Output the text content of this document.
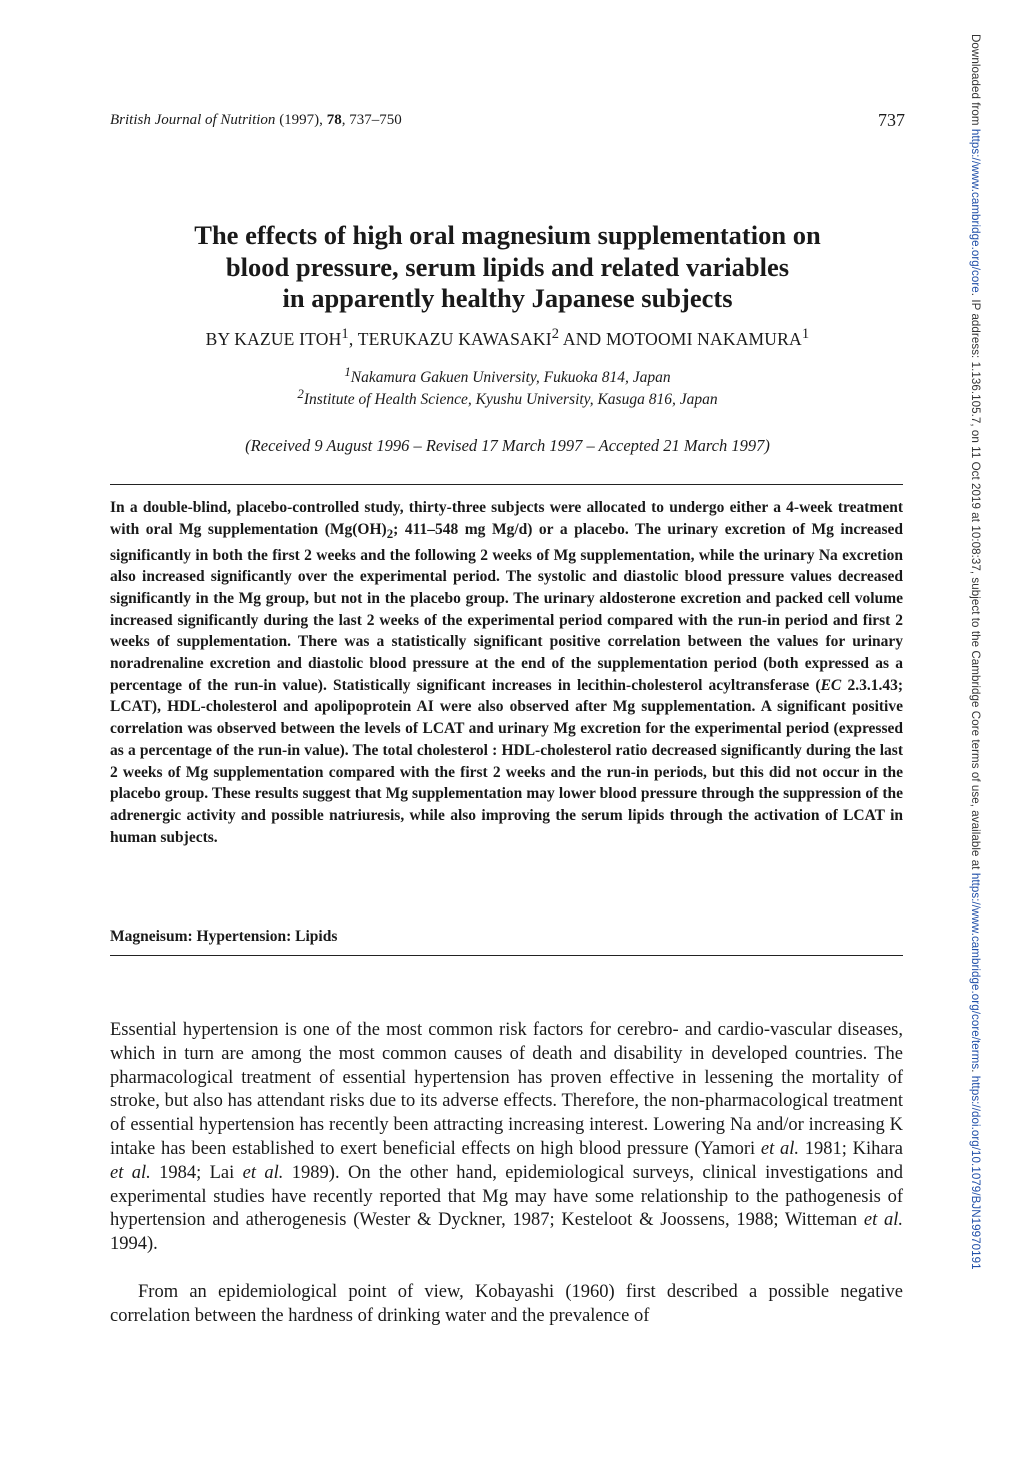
British Journal of Nutrition (1997), 78, 737–750	737
The effects of high oral magnesium supplementation on
blood pressure, serum lipids and related variables
in apparently healthy Japanese subjects
BY KAZUE ITOH$^1$, TERUKAZU KAWASAKI$^2$ AND MOTOOMI NAKAMURA$^1$
$^1$Nakamura Gakuen University, Fukuoka 814, Japan
$^2$Institute of Health Science, Kyushu University, Kasuga 816, Japan
(Received 9 August 1996 – Revised 17 March 1997 – Accepted 21 March 1997)

In a double-blind, placebo-controlled study, thirty-three subjects were allocated to undergo either a 4-week treatment with oral Mg supplementation ($Mg(OH)_2$; 411–548 mg Mg/d) or a placebo. The urinary excretion of Mg increased significantly in both the first 2 weeks and the following 2 weeks of Mg supplementation, while the urinary Na excretion also increased significantly over the experimental period. The systolic and diastolic blood pressure values decreased significantly in the Mg group, but not in the placebo group. The urinary aldosterone excretion and packed cell volume increased significantly during the last 2 weeks of the experimental period compared with the run-in period and first 2 weeks of supplementation. There was a statistically significant positive correlation between the values for urinary noradrenaline excretion and diastolic blood pressure at the end of the supplementation period (both expressed as a percentage of the run-in value). Statistically significant increases in lecithin-cholesterol acyltransferase (EC 2.3.1.43; LCAT), HDL-cholesterol and apolipoprotein AI were also observed after Mg supplementation. A significant positive correlation was observed between the levels of LCAT and urinary Mg excretion for the experimental period (expressed as a percentage of the run-in value). The total cholesterol : HDL-cholesterol ratio decreased significantly during the last 2 weeks of Mg supplementation compared with the first 2 weeks and the run-in periods, but this did not occur in the placebo group. These results suggest that Mg supplementation may lower blood pressure through the suppression of the adrenergic activity and possible natriuresis, while also improving the serum lipids through the activation of LCAT in human subjects.

Magneisum: Hypertension: Lipids

Essential hypertension is one of the most common risk factors for cerebro- and cardio-vascular diseases, which in turn are among the most common causes of death and disability in developed countries. The pharmacological treatment of essential hypertension has proven effective in lessening the mortality of stroke, but also has attendant risks due to its adverse effects. Therefore, the non-pharmacological treatment of essential hypertension has recently been attracting increasing interest. Lowering Na and/or increasing K intake has been established to exert beneficial effects on high blood pressure (Yamori et al. 1981; Kihara et al. 1984; Lai et al. 1989). On the other hand, epidemiological surveys, clinical investigations and experimental studies have recently reported that Mg may have some relationship to the pathogenesis of hypertension and atherogenesis (Wester & Dyckner, 1987; Kesteloot & Joossens, 1988; Witteman et al. 1994).

From an epidemiological point of view, Kobayashi (1960) first described a possible negative correlation between the hardness of drinking water and the prevalence of

Downloaded from https://www.cambridge.org/core. IP address: 1.136.105.7, on 11 Oct 2019 at 10:08:37, subject to the Cambridge Core terms of use, available at https://www.cambridge.org/core/terms. https://doi.org/10.1079/BJN19970191
